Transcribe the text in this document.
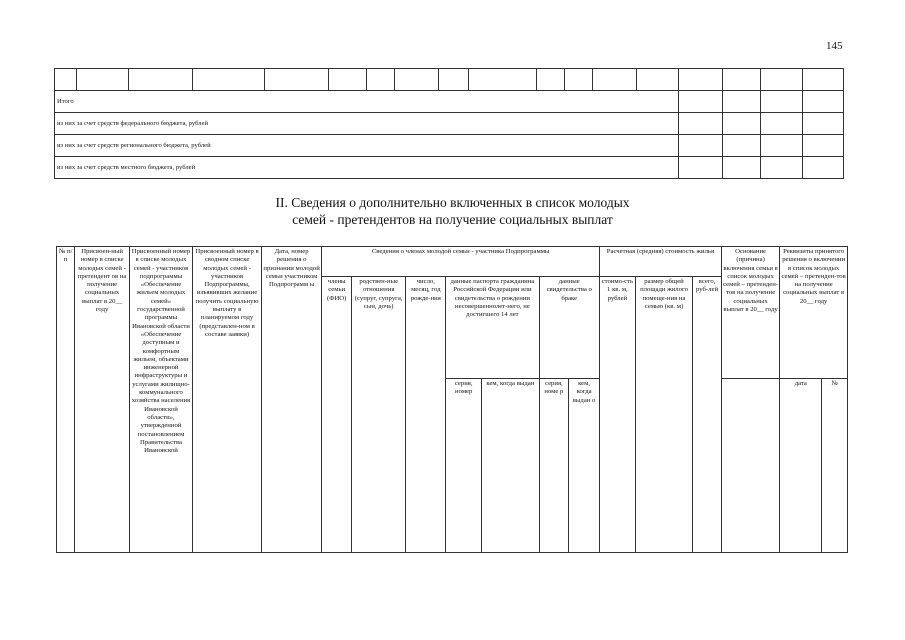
145

Итого																	
из них за счет средств федерального бюджета, рублей																	
из них за счет средств регионального бюджета, рублей																	
из них за счет средств местного бюджета, рублей																	
II. Сведения о дополнительно включенных в список молодых
семей - претендентов на получение социальных выплат
№ п/п	Присвоен-ный номер в списке молодых семей - претендент ов на получение социальных выплат в 20__ году	Присвоенный номер в списке молодых семей - участников подпрограммы «Обеспечение жильем молодых семей» государственной программы Ивановской области «Обеспечение доступным и комфортным жильем, объектами инженерной инфраструктуры и услугами жилищно-коммунального хозяйства населения Ивановской области», утвержденной постановлением Правительства Ивановской	Присвоенный номер в сводном списке молодых семей - участников Подпрограммы, изъявивших желание получить социальную выплату в планируемом году (представлен-ном в составе заявки)	Дата, номер решения о признании молодой семьи участником Подпрограмм ы	Сведения о членах молодой семьи - участника Подпрограммы							Расчетная (средняя) стоимость жилья			Основание (причина) включения семьи в список молодых семей – претенден-тов на получение социальных выплат в 20__ году	Реквизиты принятого решения о включении в список молодых семей – претенден-тов на получение социальных выплат в 20__ году	
					члены семьи (ФИО)	родствен-ные отношения (супруг, супруга, сын, дочь)	число, месяц, год рожде-ния	данные паспорта гражданина Российской Федерации или свидетельства о рождении несовершеннолет-него, не достигшего 14 лет		данные свидетельства о браке		стоимо-сть 1 кв. м, рублей	размер общей площади жилого помеще-ния на семью (кв. м)	всего, руб-лей			
								серия, номер	кем, когда выдан	серия, номе р	кем, когда выдан о					дата	№
